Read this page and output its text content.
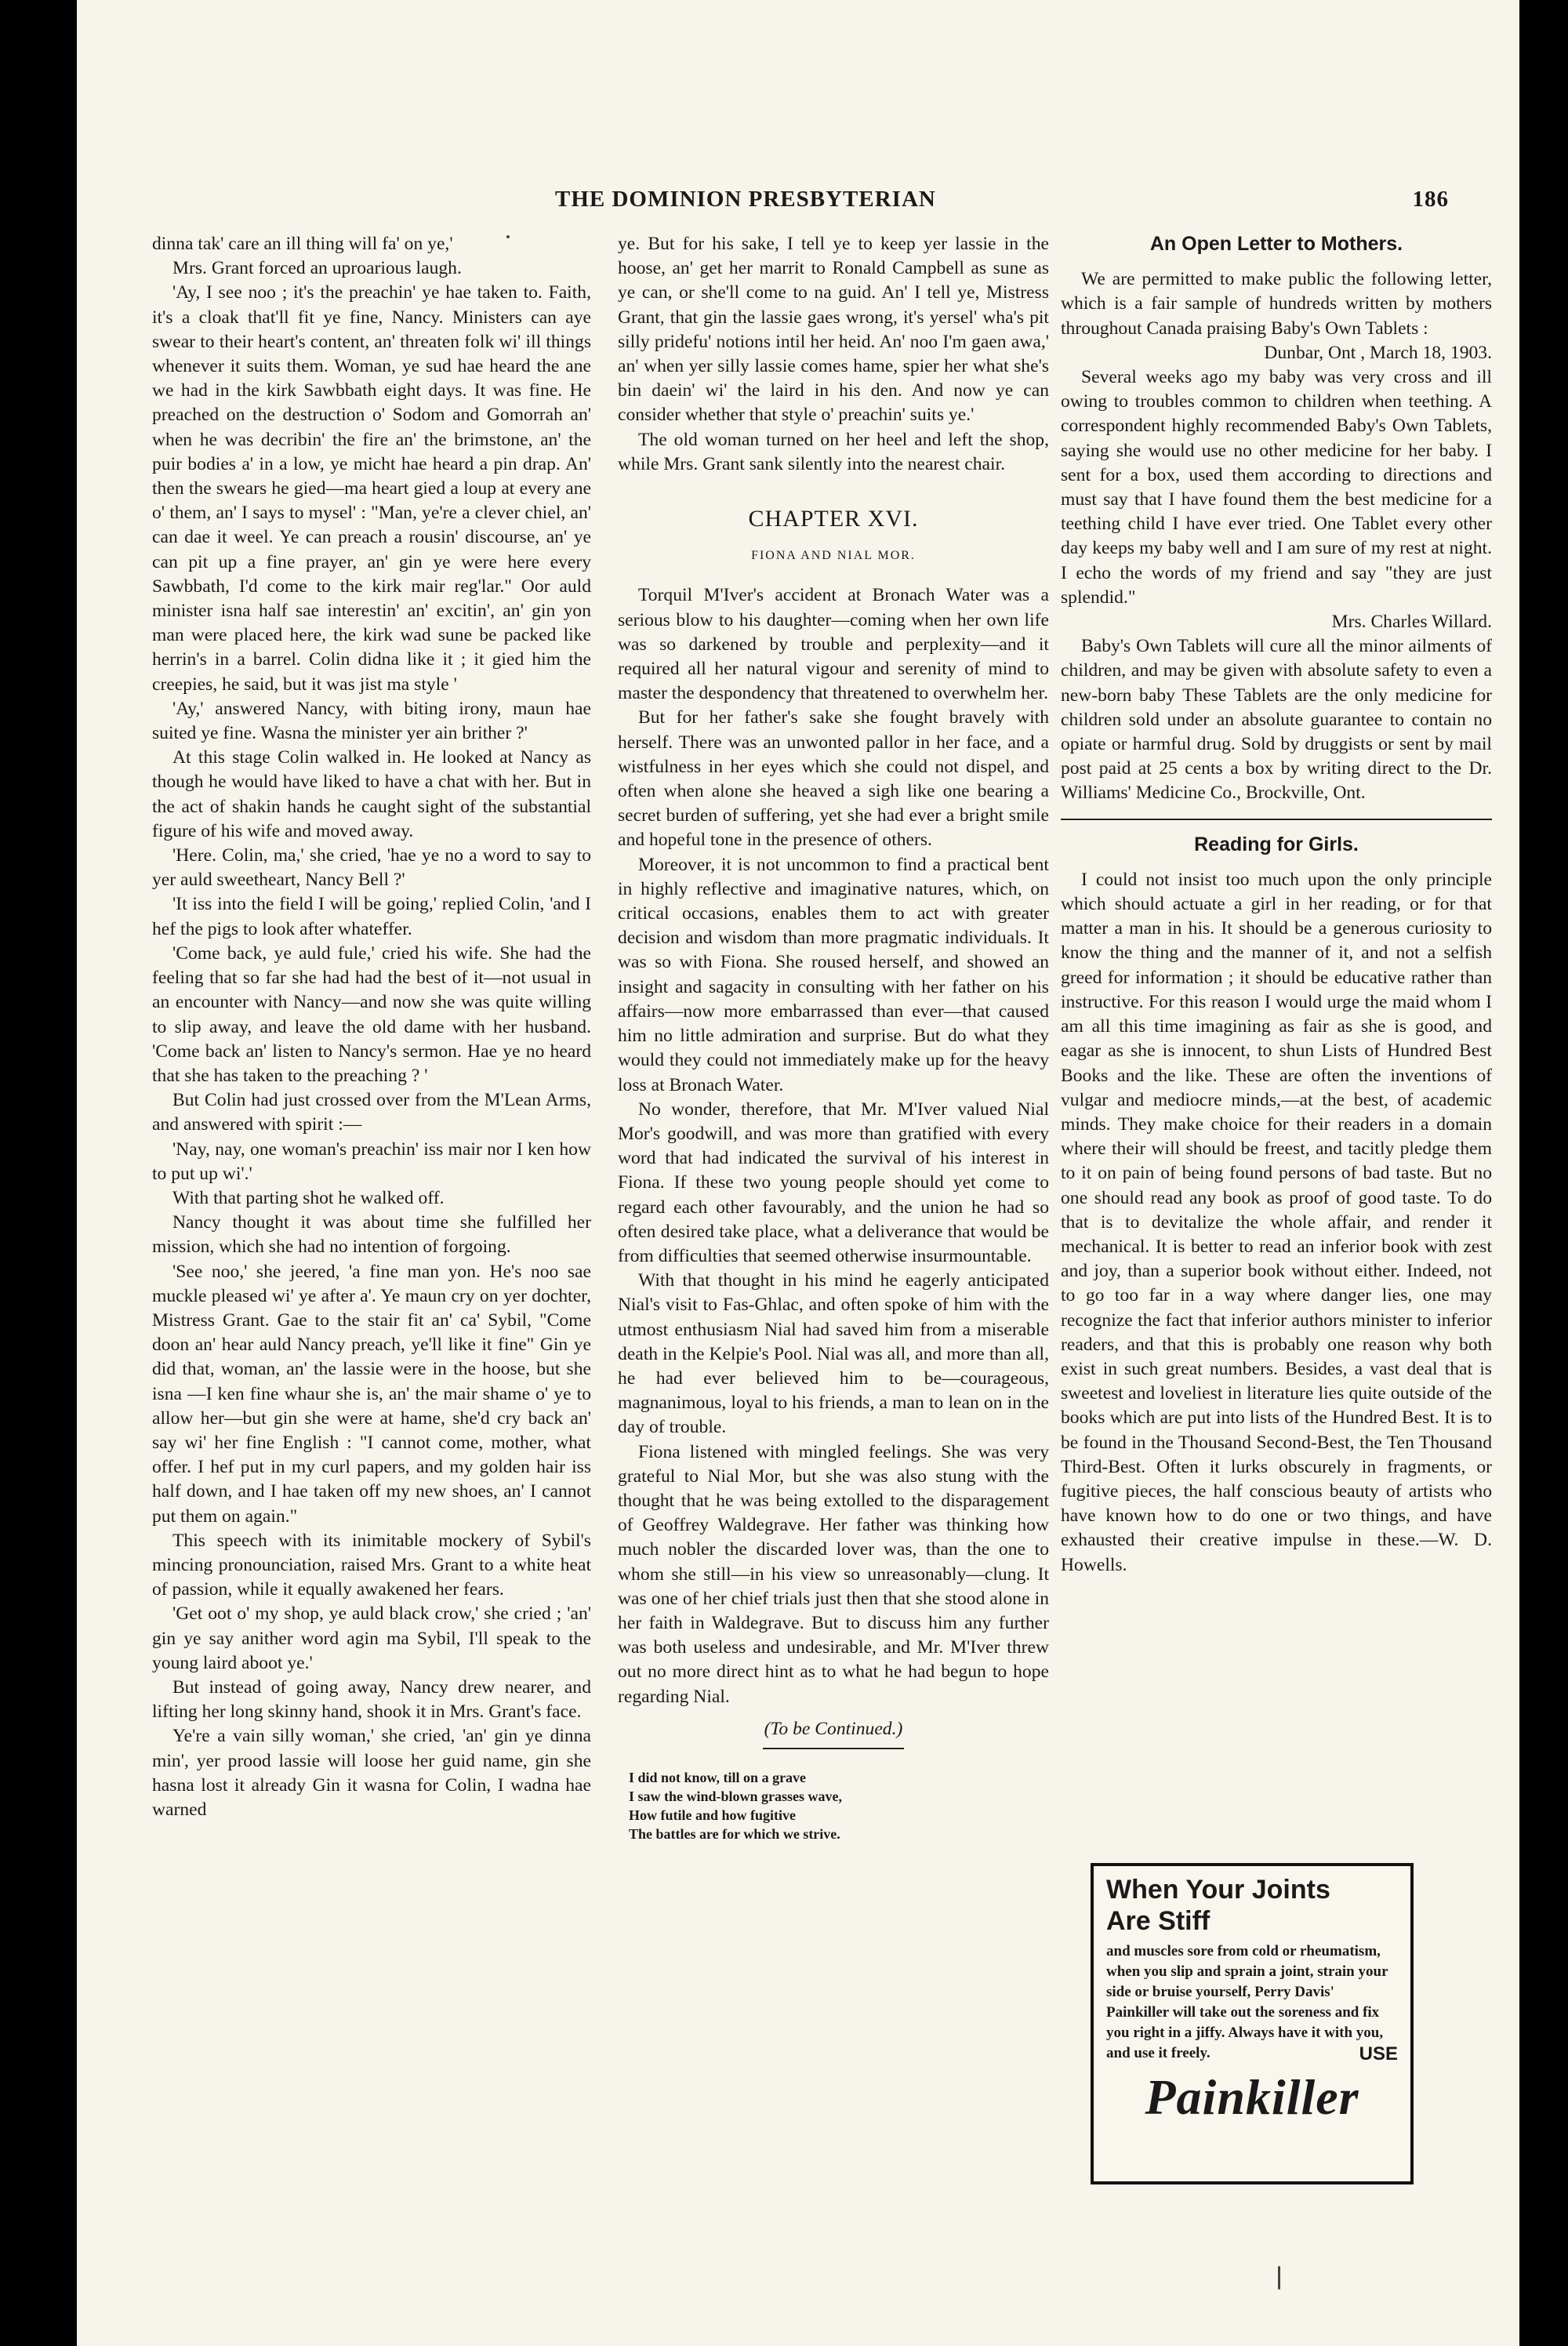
THE DOMINION PRESBYTERIAN	186

dinna tak' care an ill thing will fa' on ye,'

Mrs. Grant forced an uproarious laugh.

'Ay, I see noo ; it's the preachin' ye hae taken to. Faith, it's a cloak that'll fit ye fine, Nancy. Ministers can aye swear to their heart's content, an' threaten folk wi' ill things whenever it suits them. Woman, ye sud hae heard the ane we had in the kirk Sawbbath eight days. It was fine. He preached on the destruction o' Sodom and Gomorrah an' when he was decribin' the fire an' the brimstone, an' the puir bodies a' in a low, ye micht hae heard a pin drap. An' then the swears he gied—ma heart gied a loup at every ane o' them, an' I says to mysel' : "Man, ye're a clever chiel, an' can dae it weel. Ye can preach a rousin' discourse, an' ye can pit up a fine prayer, an' gin ye were here every Sawbbath, I'd come to the kirk mair reg'lar." Oor auld minister isna half sae interestin' an' excitin', an' gin yon man were placed here, the kirk wad sune be packed like herrin's in a barrel. Colin didna like it ; it gied him the creepies, he said, but it was jist ma style '

'Ay,' answered Nancy, with biting irony, maun hae suited ye fine. Wasna the minister yer ain brither ?'

At this stage Colin walked in. He looked at Nancy as though he would have liked to have a chat with her. But in the act of shakin hands he caught sight of the substantial figure of his wife and moved away.

'Here. Colin, ma,' she cried, 'hae ye no a word to say to yer auld sweetheart, Nancy Bell ?'

'It iss into the field I will be going,' replied Colin, 'and I hef the pigs to look after whateffer.

'Come back, ye auld fule,' cried his wife. She had the feeling that so far she had had the best of it—not usual in an encounter with Nancy—and now she was quite willing to slip away, and leave the old dame with her husband. 'Come back an' listen to Nancy's sermon. Hae ye no heard that she has taken to the preaching ? '

But Colin had just crossed over from the M'Lean Arms, and answered with spirit :—

'Nay, nay, one woman's preachin' iss mair nor I ken how to put up wi'.'

With that parting shot he walked off.

Nancy thought it was about time she fulfilled her mission, which she had no intention of forgoing.

'See noo,' she jeered, 'a fine man yon. He's noo sae muckle pleased wi' ye after a'. Ye maun cry on yer dochter, Mistress Grant. Gae to the stair fit an' ca' Sybil, "Come doon an' hear auld Nancy preach, ye'll like it fine" Gin ye did that, woman, an' the lassie were in the hoose, but she isna —I ken fine whaur she is, an' the mair shame o' ye to allow her—but gin she were at hame, she'd cry back an' say wi' her fine English : "I cannot come, mother, what offer. I hef put in my curl papers, and my golden hair iss half down, and I hae taken off my new shoes, an' I cannot put them on again."

This speech with its inimitable mockery of Sybil's mincing pronounciation, raised Mrs. Grant to a white heat of passion, while it equally awakened her fears.

'Get oot o' my shop, ye auld black crow,' she cried ; 'an' gin ye say anither word agin ma Sybil, I'll speak to the young laird aboot ye.'

But instead of going away, Nancy drew nearer, and lifting her long skinny hand, shook it in Mrs. Grant's face.

Ye're a vain silly woman,' she cried, 'an' gin ye dinna min', yer prood lassie will loose her guid name, gin she hasna lost it already Gin it wasna for Colin, I wadna hae warned

ye. But for his sake, I tell ye to keep yer lassie in the hoose, an' get her marrit to Ronald Campbell as sune as ye can, or she'll come to na guid. An' I tell ye, Mistress Grant, that gin the lassie gaes wrong, it's yersel' wha's pit silly pridefu' notions intil her heid. An' noo I'm gaen awa,' an' when yer silly lassie comes hame, spier her what she's bin daein' wi' the laird in his den. And now ye can consider whether that style o' preachin' suits ye.'

The old woman turned on her heel and left the shop, while Mrs. Grant sank silently into the nearest chair.

CHAPTER XVI.
FIONA AND NIAL MOR.

Torquil M'Iver's accident at Bronach Water was a serious blow to his daughter—coming when her own life was so darkened by trouble and perplexity—and it required all her natural vigour and serenity of mind to master the despondency that threatened to overwhelm her.

But for her father's sake she fought bravely with herself. There was an unwonted pallor in her face, and a wistfulness in her eyes which she could not dispel, and often when alone she heaved a sigh like one bearing a secret burden of suffering, yet she had ever a bright smile and hopeful tone in the presence of others.

Moreover, it is not uncommon to find a practical bent in highly reflective and imaginative natures, which, on critical occasions, enables them to act with greater decision and wisdom than more pragmatic individuals. It was so with Fiona. She roused herself, and showed an insight and sagacity in consulting with her father on his affairs—now more embarrassed than ever—that caused him no little admiration and surprise. But do what they would they could not immediately make up for the heavy loss at Bronach Water.

No wonder, therefore, that Mr. M'Iver valued Nial Mor's goodwill, and was more than gratified with every word that had indicated the survival of his interest in Fiona. If these two young people should yet come to regard each other favourably, and the union he had so often desired take place, what a deliverance that would be from difficulties that seemed otherwise insurmountable.

With that thought in his mind he eagerly anticipated Nial's visit to Fas-Ghlac, and often spoke of him with the utmost enthusiasm Nial had saved him from a miserable death in the Kelpie's Pool. Nial was all, and more than all, he had ever believed him to be—courageous, magnanimous, loyal to his friends, a man to lean on in the day of trouble.

Fiona listened with mingled feelings. She was very grateful to Nial Mor, but she was also stung with the thought that he was being extolled to the disparagement of Geoffrey Waldegrave. Her father was thinking how much nobler the discarded lover was, than the one to whom she still—in his view so unreasonably—clung. It was one of her chief trials just then that she stood alone in her faith in Waldegrave. But to discuss him any further was both useless and undesirable, and Mr. M'Iver threw out no more direct hint as to what he had begun to hope regarding Nial.

(To be Continued.)
I did not know, till on a grave
I saw the wind-blown grasses wave,
How futile and how fugitive
The battles are for which we strive.
An Open Letter to Mothers.

We are permitted to make public the following letter, which is a fair sample of hundreds written by mothers throughout Canada praising Baby's Own Tablets :

Dunbar, Ont , March 18, 1903.

Several weeks ago my baby was very cross and ill owing to troubles common to children when teething. A correspondent highly recommended Baby's Own Tablets, saying she would use no other medicine for her baby. I sent for a box, used them according to directions and must say that I have found them the best medicine for a teething child I have ever tried. One Tablet every other day keeps my baby well and I am sure of my rest at night. I echo the words of my friend and say "they are just splendid."

Mrs. Charles Willard.

Baby's Own Tablets will cure all the minor ailments of children, and may be given with absolute safety to even a new-born baby These Tablets are the only medicine for children sold under an absolute guarantee to contain no opiate or harmful drug. Sold by druggists or sent by mail post paid at 25 cents a box by writing direct to the Dr. Williams' Medicine Co., Brockville, Ont.

Reading for Girls.

I could not insist too much upon the only principle which should actuate a girl in her reading, or for that matter a man in his. It should be a generous curiosity to know the thing and the manner of it, and not a selfish greed for information ; it should be educative rather than instructive. For this reason I would urge the maid whom I am all this time imagining as fair as she is good, and eagar as she is innocent, to shun Lists of Hundred Best Books and the like. These are often the inventions of vulgar and mediocre minds,—at the best, of academic minds. They make choice for their readers in a domain where their will should be freest, and tacitly pledge them to it on pain of being found persons of bad taste. But no one should read any book as proof of good taste. To do that is to devitalize the whole affair, and render it mechanical. It is better to read an inferior book with zest and joy, than a superior book without either. Indeed, not to go too far in a way where danger lies, one may recognize the fact that inferior authors minister to inferior readers, and that this is probably one reason why both exist in such great numbers. Besides, a vast deal that is sweetest and loveliest in literature lies quite outside of the books which are put into lists of the Hundred Best. It is to be found in the Thousand Second-Best, the Ten Thousand Third-Best. Often it lurks obscurely in fragments, or fugitive pieces, the half conscious beauty of artists who have known how to do one or two things, and have exhausted their creative impulse in these.—W. D. Howells.

When Your Joints
Are Stiff
and muscles sore from cold or rheumatism, when you slip and sprain a joint, strain your side or bruise yourself, Perry Davis' Painkiller will take out the soreness and fix you right in a jiffy. Always have it with you, and use it freely.	USE
Painkiller
